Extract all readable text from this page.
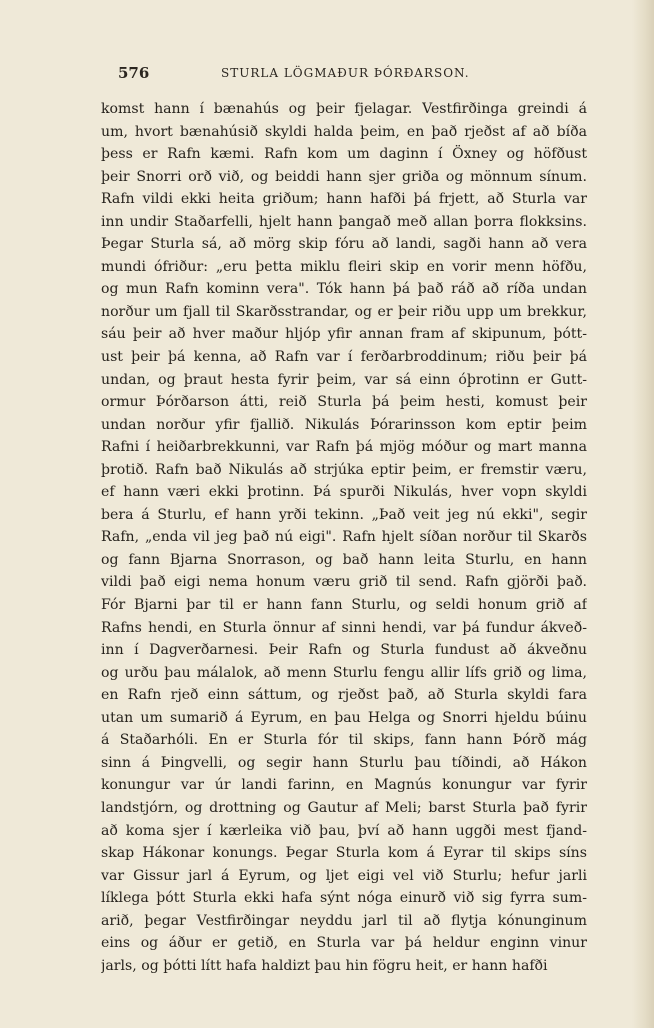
576	STURLA LÖGMAÐUR ÞÓRÐARSON.
komst hann í bænahús og þeir fjelagar. Vestfirðinga greindi á
um, hvort bænahúsið skyldi halda þeim, en það rjeðst af að bíða
þess er Rafn kæmi. Rafn kom um daginn í Öxney og höfðust
þeir Snorri orð við, og beiddi hann sjer griða og mönnum sínum.
Rafn vildi ekki heita griðum; hann hafði þá frjett, að Sturla var
inn undir Staðarfelli, hjelt hann þangað með allan þorra flokksins.
Þegar Sturla sá, að mörg skip fóru að landi, sagði hann að vera
mundi ófriður: „eru þetta miklu fleiri skip en vorir menn höfðu,
og mun Rafn kominn vera". Tók hann þá það ráð að ríða undan
norður um fjall til Skarðsstrandar, og er þeir riðu upp um brekkur,
sáu þeir að hver maður hljóp yfir annan fram af skipunum, þótt-
ust þeir þá kenna, að Rafn var í ferðarbroddinum; riðu þeir þá
undan, og þraut hesta fyrir þeim, var sá einn óþrotinn er Gutt-
ormur Þórðarson átti, reið Sturla þá þeim hesti, komust þeir
undan norður yfir fjallið. Nikulás Þórarinsson kom eptir þeim
Rafni í heiðarbrekkunni, var Rafn þá mjög móður og mart manna
þrotið. Rafn bað Nikulás að strjúka eptir þeim, er fremstir væru,
ef hann væri ekki þrotinn. Þá spurði Nikulás, hver vopn skyldi
bera á Sturlu, ef hann yrði tekinn. „Það veit jeg nú ekki", segir
Rafn, „enda vil jeg það nú eigi". Rafn hjelt síðan norður til Skarðs
og fann Bjarna Snorrason, og bað hann leita Sturlu, en hann
vildi það eigi nema honum væru grið til send. Rafn gjörði það.
Fór Bjarni þar til er hann fann Sturlu, og seldi honum grið af
Rafns hendi, en Sturla önnur af sinni hendi, var þá fundur ákveð-
inn í Dagverðarnesi. Þeir Rafn og Sturla fundust að ákveðnu
og urðu þau málalok, að menn Sturlu fengu allir lífs grið og lima,
en Rafn rjeð einn sáttum, og rjeðst það, að Sturla skyldi fara
utan um sumarið á Eyrum, en þau Helga og Snorri hjeldu búinu
á Staðarhóli. En er Sturla fór til skips, fann hann Þórð mág
sinn á Þingvelli, og segir hann Sturlu þau tíðindi, að Hákon
konungur var úr landi farinn, en Magnús konungur var fyrir
landstjórn, og drottning og Gautur af Meli; barst Sturla það fyrir
að koma sjer í kærleika við þau, því að hann uggði mest fjand-
skap Hákonar konungs. Þegar Sturla kom á Eyrar til skips síns
var Gissur jarl á Eyrum, og ljet eigi vel við Sturlu; hefur jarli
líklega þótt Sturla ekki hafa sýnt nóga einurð við sig fyrra sum-
arið, þegar Vestfirðingar neyddu jarl til að flytja kónunginum
eins og áður er getið, en Sturla var þá heldur enginn vinur
jarls, og þótti lítt hafa haldizt þau hin fögru heit, er hann hafði
